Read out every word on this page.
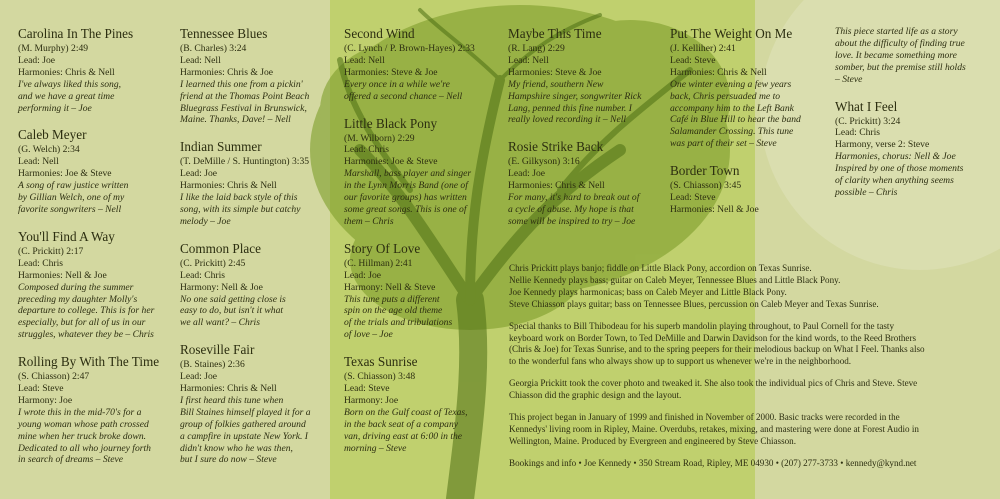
Carolina In The Pines
(M. Murphy) 2:49
Lead: Joe
Harmonies: Chris & Nell
I've always liked this song,
and we have a great time
performing it – Joe
Caleb Meyer
(G. Welch) 2:34
Lead: Nell
Harmonies: Joe & Steve
A song of raw justice written
by Gillian Welch, one of my
favorite songwriters – Nell
You'll Find A Way
(C. Prickitt) 2:17
Lead: Chris
Harmonies: Nell & Joe
Composed during the summer
preceding my daughter Molly's
departure to college. This is for her
especially, but for all of us in our
struggles, whatever they be – Chris
Rolling By With The Time
(S. Chiasson) 2:47
Lead: Steve
Harmony: Joe
I wrote this in the mid-70's for a
young woman whose path crossed
mine when her truck broke down.
Dedicated to all who journey forth
in search of dreams – Steve
Tennessee Blues
(B. Charles) 3:24
Lead: Nell
Harmonies: Chris & Joe
I learned this one from a pickin'
friend at the Thomas Point Beach
Bluegrass Festival in Brunswick,
Maine. Thanks, Dave! – Nell
Indian Summer
(T. DeMille / S. Huntington) 3:35
Lead: Joe
Harmonies: Chris & Nell
I like the laid back style of this
song, with its simple but catchy
melody – Joe
Common Place
(C. Prickitt) 2:45
Lead: Chris
Harmony: Nell & Joe
No one said getting close is
easy to do, but isn't it what
we all want? – Chris
Roseville Fair
(B. Staines) 2:36
Lead: Joe
Harmonies: Chris & Nell
I first heard this tune when
Bill Staines himself played it for a
group of folkies gathered around
a campfire in upstate New York. I
didn't know who he was then,
but I sure do now – Steve
Second Wind
(C. Lynch / P. Brown-Hayes) 2:33
Lead: Nell
Harmonies: Steve & Joe
Every once in a while we're
offered a second chance – Nell
Little Black Pony
(M. Wilborn) 2:29
Lead: Chris
Harmonies: Joe & Steve
Marshall, bass player and singer
in the Lynn Morris Band (one of
our favorite groups) has written
some great songs. This is one of
them – Chris
Story Of Love
(C. Hillman) 2:41
Lead: Joe
Harmony: Nell & Steve
This tune puts a different
spin on the age old theme
of the trials and tribulations
of love – Joe
Texas Sunrise
(S. Chiasson) 3:48
Lead: Steve
Harmony: Joe
Born on the Gulf coast of Texas,
in the back seat of a company
van, driving east at 6:00 in the
morning – Steve
Maybe This Time
(R. Lang) 2:29
Lead: Nell
Harmonies: Steve & Joe
My friend, southern New
Hampshire singer, songwriter Rick
Lang, penned this fine number. I
really loved recording it – Nell
Rosie Strike Back
(E. Gilkyson) 3:16
Lead: Joe
Harmonies: Chris & Nell
For many, it's hard to break out of
a cycle of abuse. My hope is that
some will be inspired to try – Joe
Put The Weight On Me
(J. Kelliher) 2:41
Lead: Steve
Harmonies: Chris & Nell
One winter evening a few years
back, Chris persuaded me to
accompany him to the Left Bank
Café in Blue Hill to hear the band
Salamander Crossing. This tune
was part of their set – Steve
Border Town
(S. Chiasson) 3:45
Lead: Steve
Harmonies: Nell & Joe
This piece started life as a story
about the difficulty of finding true
love. It became something more
somber, but the premise still holds
– Steve
What I Feel
(C. Prickitt) 3:24
Lead: Chris
Harmony, verse 2: Steve
Harmonies, chorus: Nell & Joe
Inspired by one of those moments
of clarity when anything seems
possible – Chris

Chris Prickitt plays banjo; fiddle on Little Black Pony, accordion on Texas Sunrise.
Nellie Kennedy plays bass; guitar on Caleb Meyer, Tennessee Blues and Little Black Pony.
Joe Kennedy plays harmonicas; bass on Caleb Meyer and Little Black Pony.
Steve Chiasson plays guitar; bass on Tennessee Blues, percussion on Caleb Meyer and Texas Sunrise.

Special thanks to Bill Thibodeau for his superb mandolin playing throughout, to Paul Cornell for the tasty keyboard work on Border Town, to Ted DeMille and Darwin Davidson for the kind words, to the Reed Brothers (Chris & Joe) for Texas Sunrise, and to the spring peepers for their melodious backup on What I Feel. Thanks also to the wonderful fans who always show up to support us whenever we're in the neighborhood.

Georgia Prickitt took the cover photo and tweaked it. She also took the individual pics of Chris and Steve. Steve Chiasson did the graphic design and the layout.

This project began in January of 1999 and finished in November of 2000. Basic tracks were recorded in the Kennedys' living room in Ripley, Maine. Overdubs, retakes, mixing, and mastering were done at Forest Audio in Wellington, Maine. Produced by Evergreen and engineered by Steve Chiasson.

Bookings and info • Joe Kennedy • 350 Stream Road, Ripley, ME 04930 • (207) 277-3733 • kennedy@kynd.net
